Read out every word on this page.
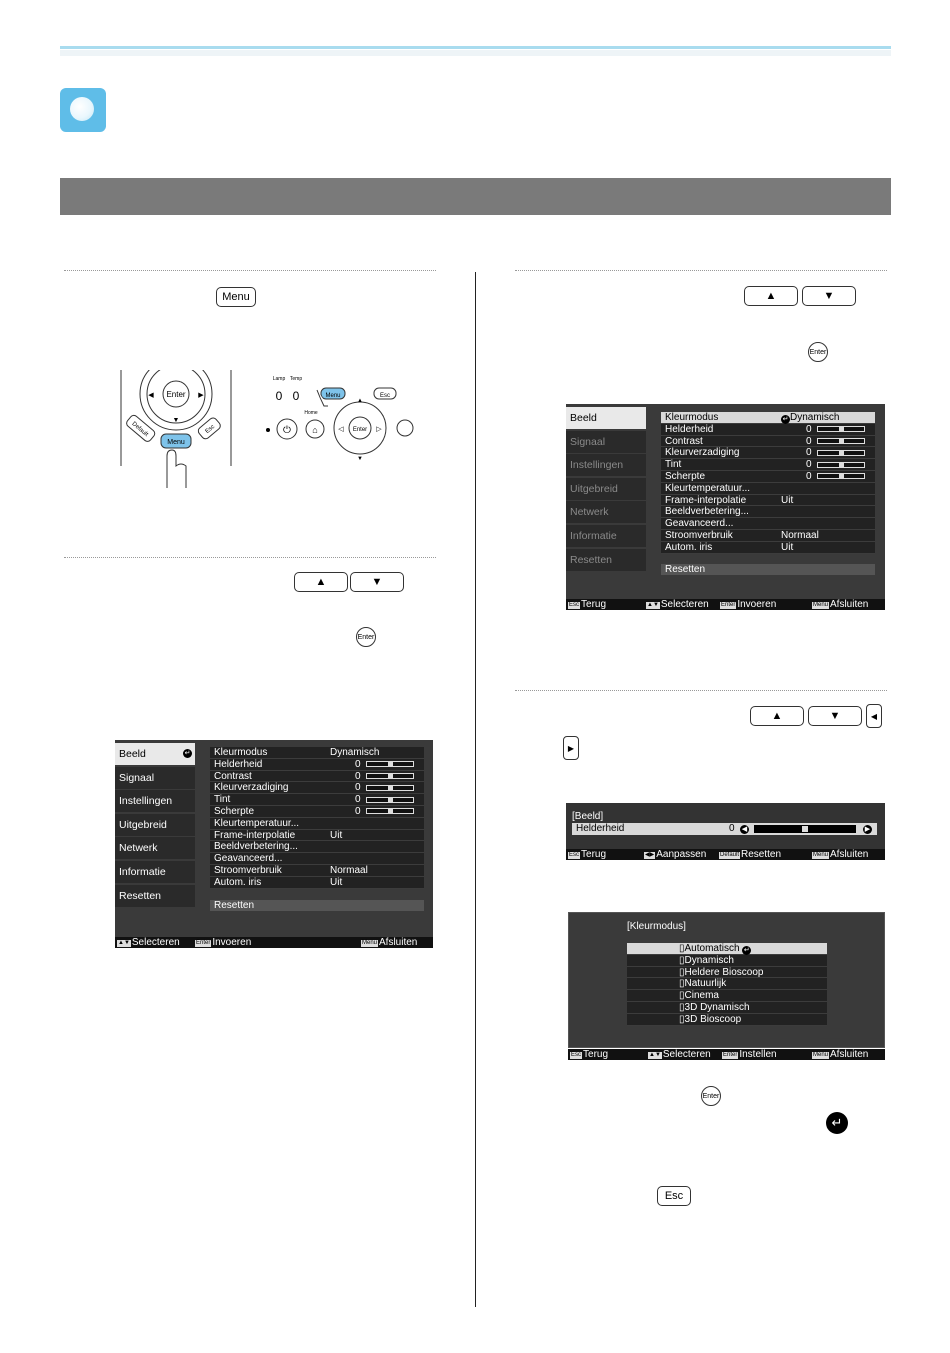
Menu
Enter
◀	▶
▼
Default	Esc
Menu
Lamp Temp
0 0
⏻
Menu	Esc
Home
⌂	Enter
▲
▼
◁	▷
▲	▼
Enter
Beeld	↵
Signaal
Instellingen
Uitgebreid
Netwerk
Informatie
Resetten
Kleurmodus	Dynamisch
Helderheid	0
Contrast	0
Kleurverzadiging	0
Tint	0
Scherpte	0
Kleurtemperatuur...
Frame-interpolatie	Uit
Beeldverbetering...
Geavanceerd...
Stroomverbruik	Normaal
Autom. iris	Uit
Resetten
▲▼ Selecteren	Enter Invoeren	Menu Afsluiten
▲	▼
Enter
Beeld
Signaal
Instellingen
Uitgebreid
Netwerk
Informatie
Resetten
Kleurmodus	↵ Dynamisch
Helderheid	0
Contrast	0
Kleurverzadiging	0
Tint	0
Scherpte	0
Kleurtemperatuur...
Frame-interpolatie	Uit
Beeldverbetering...
Geavanceerd...
Stroomverbruik	Normaal
Autom. iris	Uit
Resetten
Esc Terug	▲▼ Selecteren Enter Invoeren	Menu Afsluiten
▲	▼	◀
▶
[Beeld]
Helderheid	0 ◀	▶
Esc Terug	◀▶ Aanpassen Default Resetten	Menu Afsluiten
[Kleurmodus]
▯Automatisch ↵
▯Dynamisch
▯Heldere Bioscoop
▯Natuurlijk
▯Cinema
▯3D Dynamisch
▯3D Bioscoop
Esc Terug	▲▼ Selecteren Enter Instellen	Menu Afsluiten
Enter
↵
Esc
